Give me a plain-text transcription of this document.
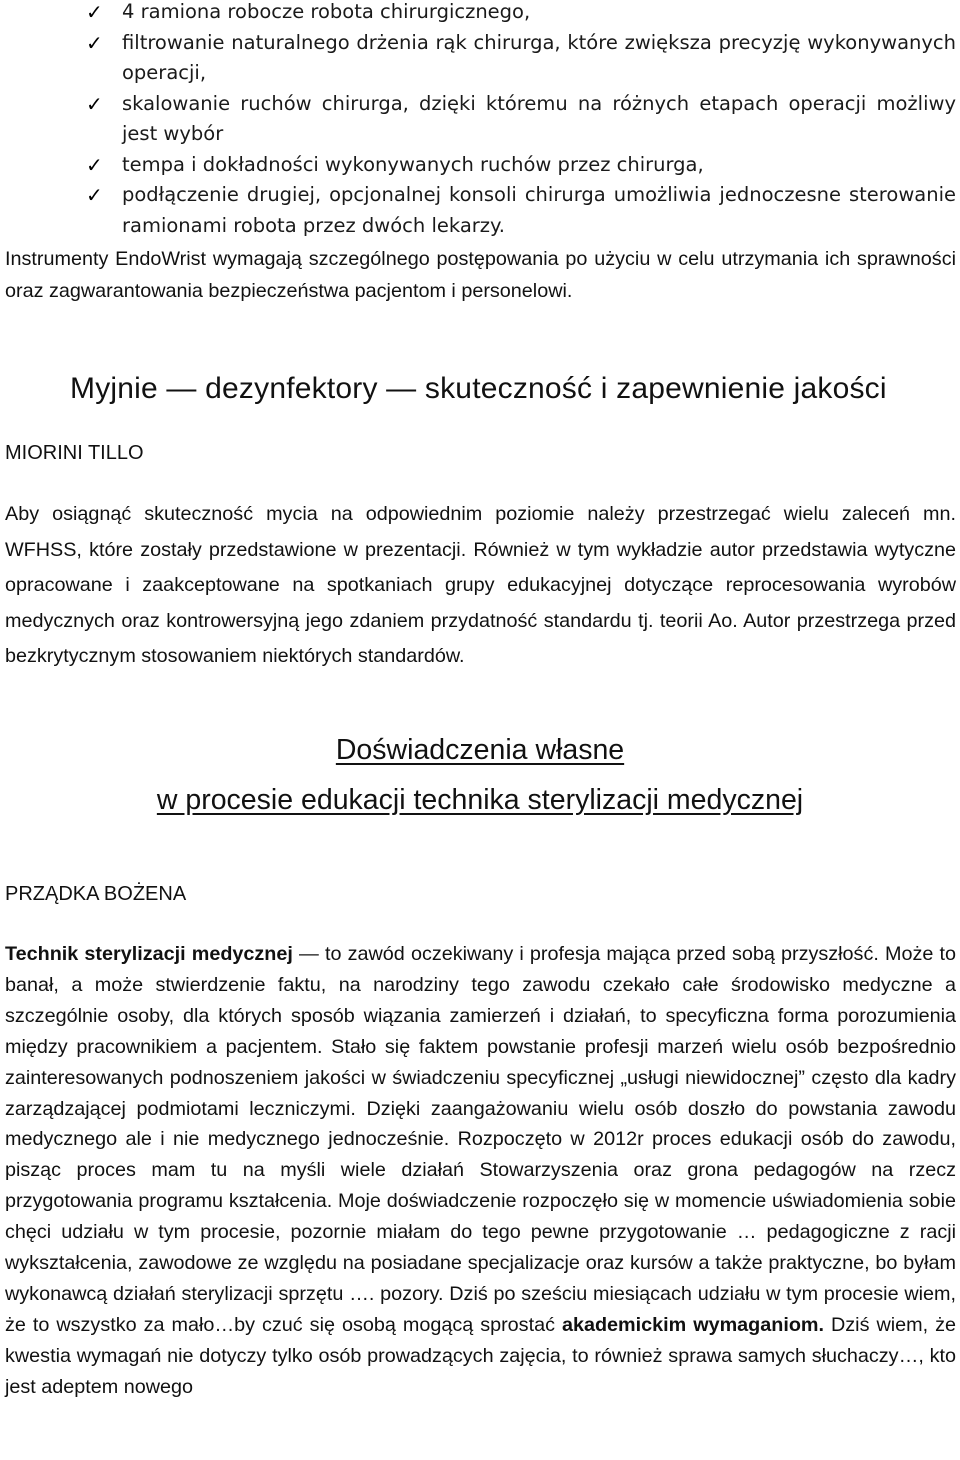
✓ 4 ramiona robocze robota chirurgicznego,
✓ filtrowanie naturalnego drżenia rąk chirurga, które zwiększa precyzję wykonywanych operacji,
✓ skalowanie ruchów chirurga, dzięki któremu na różnych etapach operacji możliwy jest wybór
✓ tempa i dokładności wykonywanych ruchów przez chirurga,
✓ podłączenie drugiej, opcjonalnej konsoli chirurga umożliwia jednoczesne sterowanie ramionami robota przez dwóch lekarzy.
Instrumenty EndoWrist wymagają szczególnego postępowania po użyciu w celu utrzymania ich sprawności oraz zagwarantowania bezpieczeństwa pacjentom i personelowi.
Myjnie — dezynfektory — skuteczność i zapewnienie jakości
MIORINI TILLO
Aby osiągnąć skuteczność mycia na odpowiednim poziomie należy przestrzegać wielu zaleceń mn. WFHSS, które zostały przedstawione w prezentacji. Również w tym wykładzie autor przedstawia wytyczne opracowane i zaakceptowane na spotkaniach grupy edukacyjnej dotyczące reprocesowania wyrobów medycznych oraz kontrowersyjną jego zdaniem przydatność standardu tj. teorii Ao. Autor przestrzega przed bezkrytycznym stosowaniem niektórych standardów.
Doświadczenia własne
w procesie edukacji technika sterylizacji medycznej
PRZĄDKA BOŻENA
Technik sterylizacji medycznej — to zawód oczekiwany i profesja mająca przed sobą przyszłość. Może to banał, a może stwierdzenie faktu, na narodziny tego zawodu czekało całe środowisko medyczne a szczególnie osoby, dla których sposób wiązania zamierzeń i działań, to specyficzna forma porozumienia między pracownikiem a pacjentem. Stało się faktem powstanie profesji marzeń wielu osób bezpośrednio zainteresowanych podnoszeniem jakości w świadczeniu specyficznej „usługi niewidocznej” często dla kadry zarządzającej podmiotami leczniczymi. Dzięki zaangażowaniu wielu osób doszło do powstania zawodu medycznego ale i nie medycznego jednocześnie. Rozpoczęto w 2012r proces edukacji osób do zawodu, pisząc proces mam tu na myśli wiele działań Stowarzyszenia oraz grona pedagogów na rzecz przygotowania programu kształcenia. Moje doświadczenie rozpoczęło się w momencie uświadomienia sobie chęci udziału w tym procesie, pozornie miałam do tego pewne przygotowanie … pedagogiczne z racji wykształcenia, zawodowe ze względu na posiadane specjalizacje oraz kursów a także praktyczne, bo byłam wykonawcą działań sterylizacji sprzętu …. pozory. Dziś po sześciu miesiącach udziału w tym procesie wiem, że to wszystko za mało…by czuć się osobą mogącą sprostać akademickim wymaganiom. Dziś wiem, że kwestia wymagań nie dotyczy tylko osób prowadzących zajęcia, to również sprawa samych słuchaczy…, kto jest adeptem nowego
